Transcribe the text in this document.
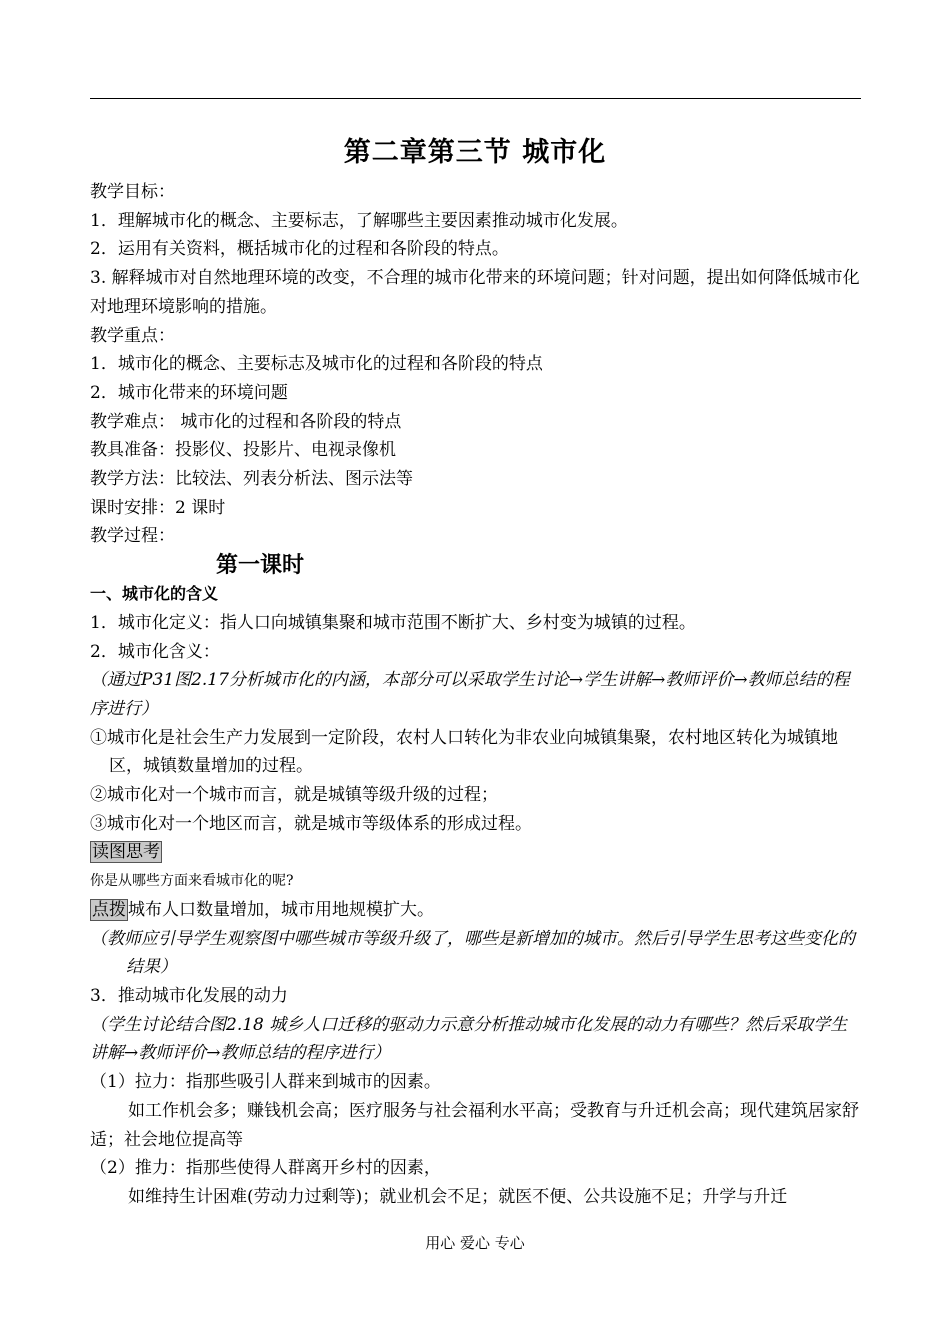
第二章第三节 城市化

教学目标：

1．理解城市化的概念、主要标志，了解哪些主要因素推动城市化发展。

2．运用有关资料，概括城市化的过程和各阶段的特点。

3. 解释城市对自然地理环境的改变，不合理的城市化带来的环境问题；针对问题，提出如何降低城市化对地理环境影响的措施。

教学重点：

1．城市化的概念、主要标志及城市化的过程和各阶段的特点

2．城市化带来的环境问题

教学难点： 城市化的过程和各阶段的特点

教具准备：投影仪、投影片、电视录像机

教学方法：比较法、列表分析法、图示法等

课时安排：2 课时

教学过程：

第一课时

一、城市化的含义

1．城市化定义：指人口向城镇集聚和城市范围不断扩大、乡村变为城镇的过程。

2．城市化含义：

（通过P31图2.17分析城市化的内涵，本部分可以采取学生讨论→学生讲解→教师评价→教师总结的程序进行）

①城市化是社会生产力发展到一定阶段，农村人口转化为非农业向城镇集聚，农村地区转化为城镇地区，城镇数量增加的过程。

②城市化对一个城市而言，就是城镇等级升级的过程；

③城市化对一个地区而言，就是城市等级体系的形成过程。

读图思考

你是从哪些方面来看城市化的呢?

点拨 城布人口数量增加，城市用地规模扩大。

（教师应引导学生观察图中哪些城市等级升级了，哪些是新增加的城市。然后引导学生思考这些变化的结果）

3．推动城市化发展的动力

（学生讨论结合图2.18 城乡人口迁移的驱动力示意分析推动城市化发展的动力有哪些？然后采取学生讲解→教师评价→教师总结的程序进行）

（1）拉力：指那些吸引人群来到城市的因素。

如工作机会多；赚钱机会高；医疗服务与社会福利水平高；受教育与升迁机会高；现代建筑居家舒适；社会地位提高等

（2）推力：指那些使得人群离开乡村的因素，

如维持生计困难(劳动力过剩等)；就业机会不足；就医不便、公共设施不足；升学与升迁

用心 爱心 专心
